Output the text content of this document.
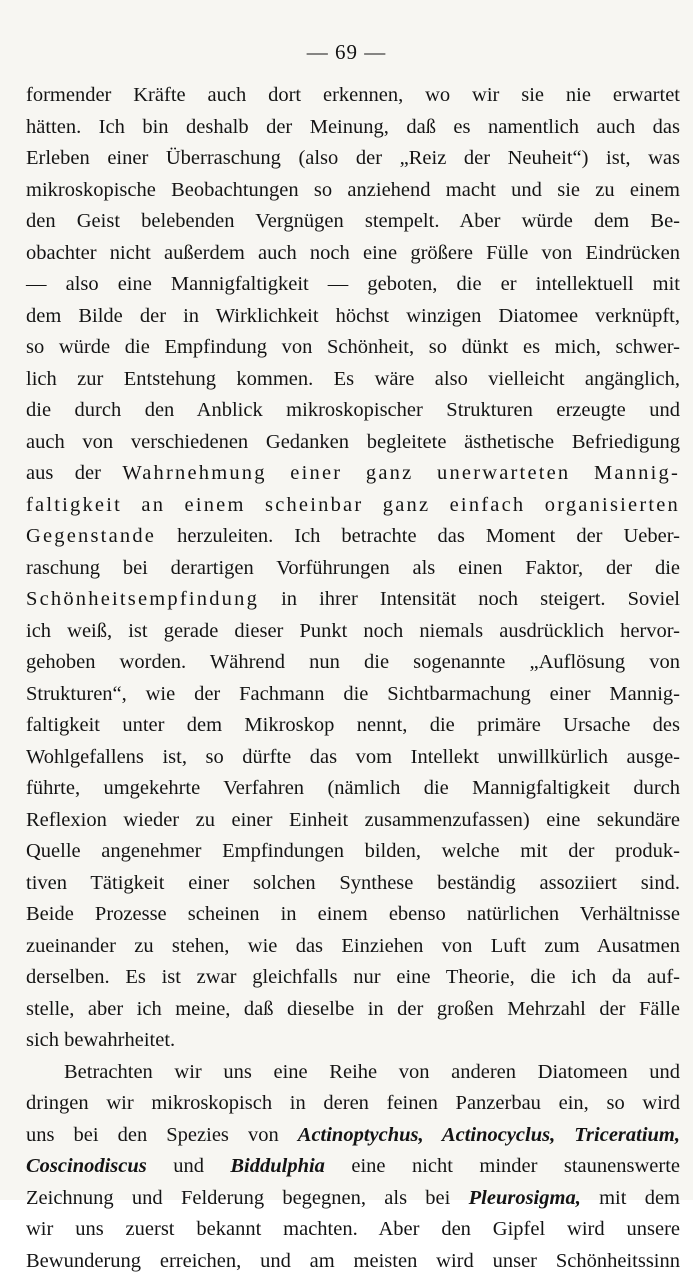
— 69 —
formender Kräfte auch dort erkennen, wo wir sie nie erwartet
hätten. Ich bin deshalb der Meinung, daß es namentlich auch das
Erleben einer Überraschung (also der „Reiz der Neuheit“) ist, was
mikroskopische Beobachtungen so anziehend macht und sie zu einem
den Geist belebenden Vergnügen stempelt. Aber würde dem Be-
obachter nicht außerdem auch noch eine größere Fülle von Eindrücken
— also eine Mannigfaltigkeit — geboten, die er intellektuell mit
dem Bilde der in Wirklichkeit höchst winzigen Diatomee verknüpft,
so würde die Empfindung von Schönheit, so dünkt es mich, schwer-
lich zur Entstehung kommen. Es wäre also vielleicht angänglich,
die durch den Anblick mikroskopischer Strukturen erzeugte und
auch von verschiedenen Gedanken begleitete ästhetische Befriedigung
aus der Wahrnehmung einer ganz unerwarteten Mannig-
faltigkeit an einem scheinbar ganz einfach organisierten
Gegenstande herzuleiten. Ich betrachte das Moment der Ueber-
raschung bei derartigen Vorführungen als einen Faktor, der die
Schönheitsempfindung in ihrer Intensität noch steigert. Soviel
ich weiß, ist gerade dieser Punkt noch niemals ausdrücklich hervor-
gehoben worden. Während nun die sogenannte „Auflösung von
Strukturen“, wie der Fachmann die Sichtbarmachung einer Mannig-
faltigkeit unter dem Mikroskop nennt, die primäre Ursache des
Wohlgefallens ist, so dürfte das vom Intellekt unwillkürlich ausge-
führte, umgekehrte Verfahren (nämlich die Mannigfaltigkeit durch
Reflexion wieder zu einer Einheit zusammenzufassen) eine sekundäre
Quelle angenehmer Empfindungen bilden, welche mit der produk-
tiven Tätigkeit einer solchen Synthese beständig assoziiert sind.
Beide Prozesse scheinen in einem ebenso natürlichen Verhältnisse
zueinander zu stehen, wie das Einziehen von Luft zum Ausatmen
derselben. Es ist zwar gleichfalls nur eine Theorie, die ich da auf-
stelle, aber ich meine, daß dieselbe in der großen Mehrzahl der Fälle
sich bewahrheitet.
Betrachten wir uns eine Reihe von anderen Diatomeen und
dringen wir mikroskopisch in deren feinen Panzerbau ein, so wird
uns bei den Spezies von Actinoptychus, Actinocyclus, Triceratium,
Coscinodiscus und Biddulphia eine nicht minder staunenswerte
Zeichnung und Felderung begegnen, als bei Pleurosigma, mit dem
wir uns zuerst bekannt machten. Aber den Gipfel wird unsere
Bewunderung erreichen, und am meisten wird unser Schönheitssinn
